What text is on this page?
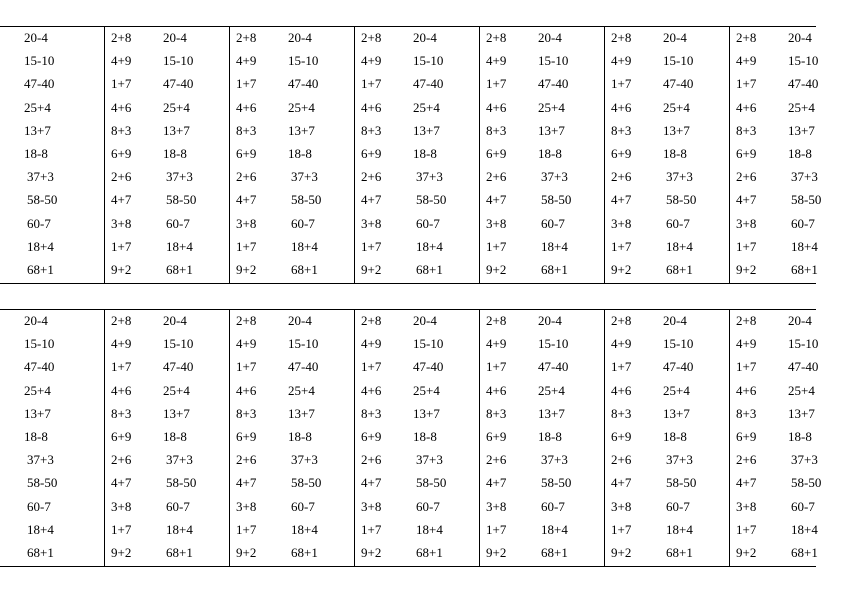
20-4
15-10
47-40
25+4
13+7
18-8
37+3
58-50
60-7
18+4
68+1
2+8
4+9
1+7
4+6
8+3
6+9
2+6
4+7
3+8
1+7
9+2
20-4
15-10
47-40
25+4
13+7
18-8
37+3
58-50
60-7
18+4
68+1
2+8
4+9
1+7
4+6
8+3
6+9
2+6
4+7
3+8
1+7
9+2
20-4
15-10
47-40
25+4
13+7
18-8
37+3
58-50
60-7
18+4
68+1
2+8
4+9
1+7
4+6
8+3
6+9
2+6
4+7
3+8
1+7
9+2
20-4
15-10
47-40
25+4
13+7
18-8
37+3
58-50
60-7
18+4
68+1
2+8
4+9
1+7
4+6
8+3
6+9
2+6
4+7
3+8
1+7
9+2
20-4
15-10
47-40
25+4
13+7
18-8
37+3
58-50
60-7
18+4
68+1
2+8
4+9
1+7
4+6
8+3
6+9
2+6
4+7
3+8
1+7
9+2
20-4
15-10
47-40
25+4
13+7
18-8
37+3
58-50
60-7
18+4
68+1
2+8
4+9
1+7
4+6
8+3
6+9
2+6
4+7
3+8
1+7
9+2
20-4
15-10
47-40
25+4
13+7
18-8
37+3
58-50
60-7
18+4
68+1
20-4
15-10
47-40
25+4
13+7
18-8
37+3
58-50
60-7
18+4
68+1
2+8
4+9
1+7
4+6
8+3
6+9
2+6
4+7
3+8
1+7
9+2
20-4
15-10
47-40
25+4
13+7
18-8
37+3
58-50
60-7
18+4
68+1
2+8
4+9
1+7
4+6
8+3
6+9
2+6
4+7
3+8
1+7
9+2
20-4
15-10
47-40
25+4
13+7
18-8
37+3
58-50
60-7
18+4
68+1
2+8
4+9
1+7
4+6
8+3
6+9
2+6
4+7
3+8
1+7
9+2
20-4
15-10
47-40
25+4
13+7
18-8
37+3
58-50
60-7
18+4
68+1
2+8
4+9
1+7
4+6
8+3
6+9
2+6
4+7
3+8
1+7
9+2
20-4
15-10
47-40
25+4
13+7
18-8
37+3
58-50
60-7
18+4
68+1
2+8
4+9
1+7
4+6
8+3
6+9
2+6
4+7
3+8
1+7
9+2
20-4
15-10
47-40
25+4
13+7
18-8
37+3
58-50
60-7
18+4
68+1
2+8
4+9
1+7
4+6
8+3
6+9
2+6
4+7
3+8
1+7
9+2
20-4
15-10
47-40
25+4
13+7
18-8
37+3
58-50
60-7
18+4
68+1
